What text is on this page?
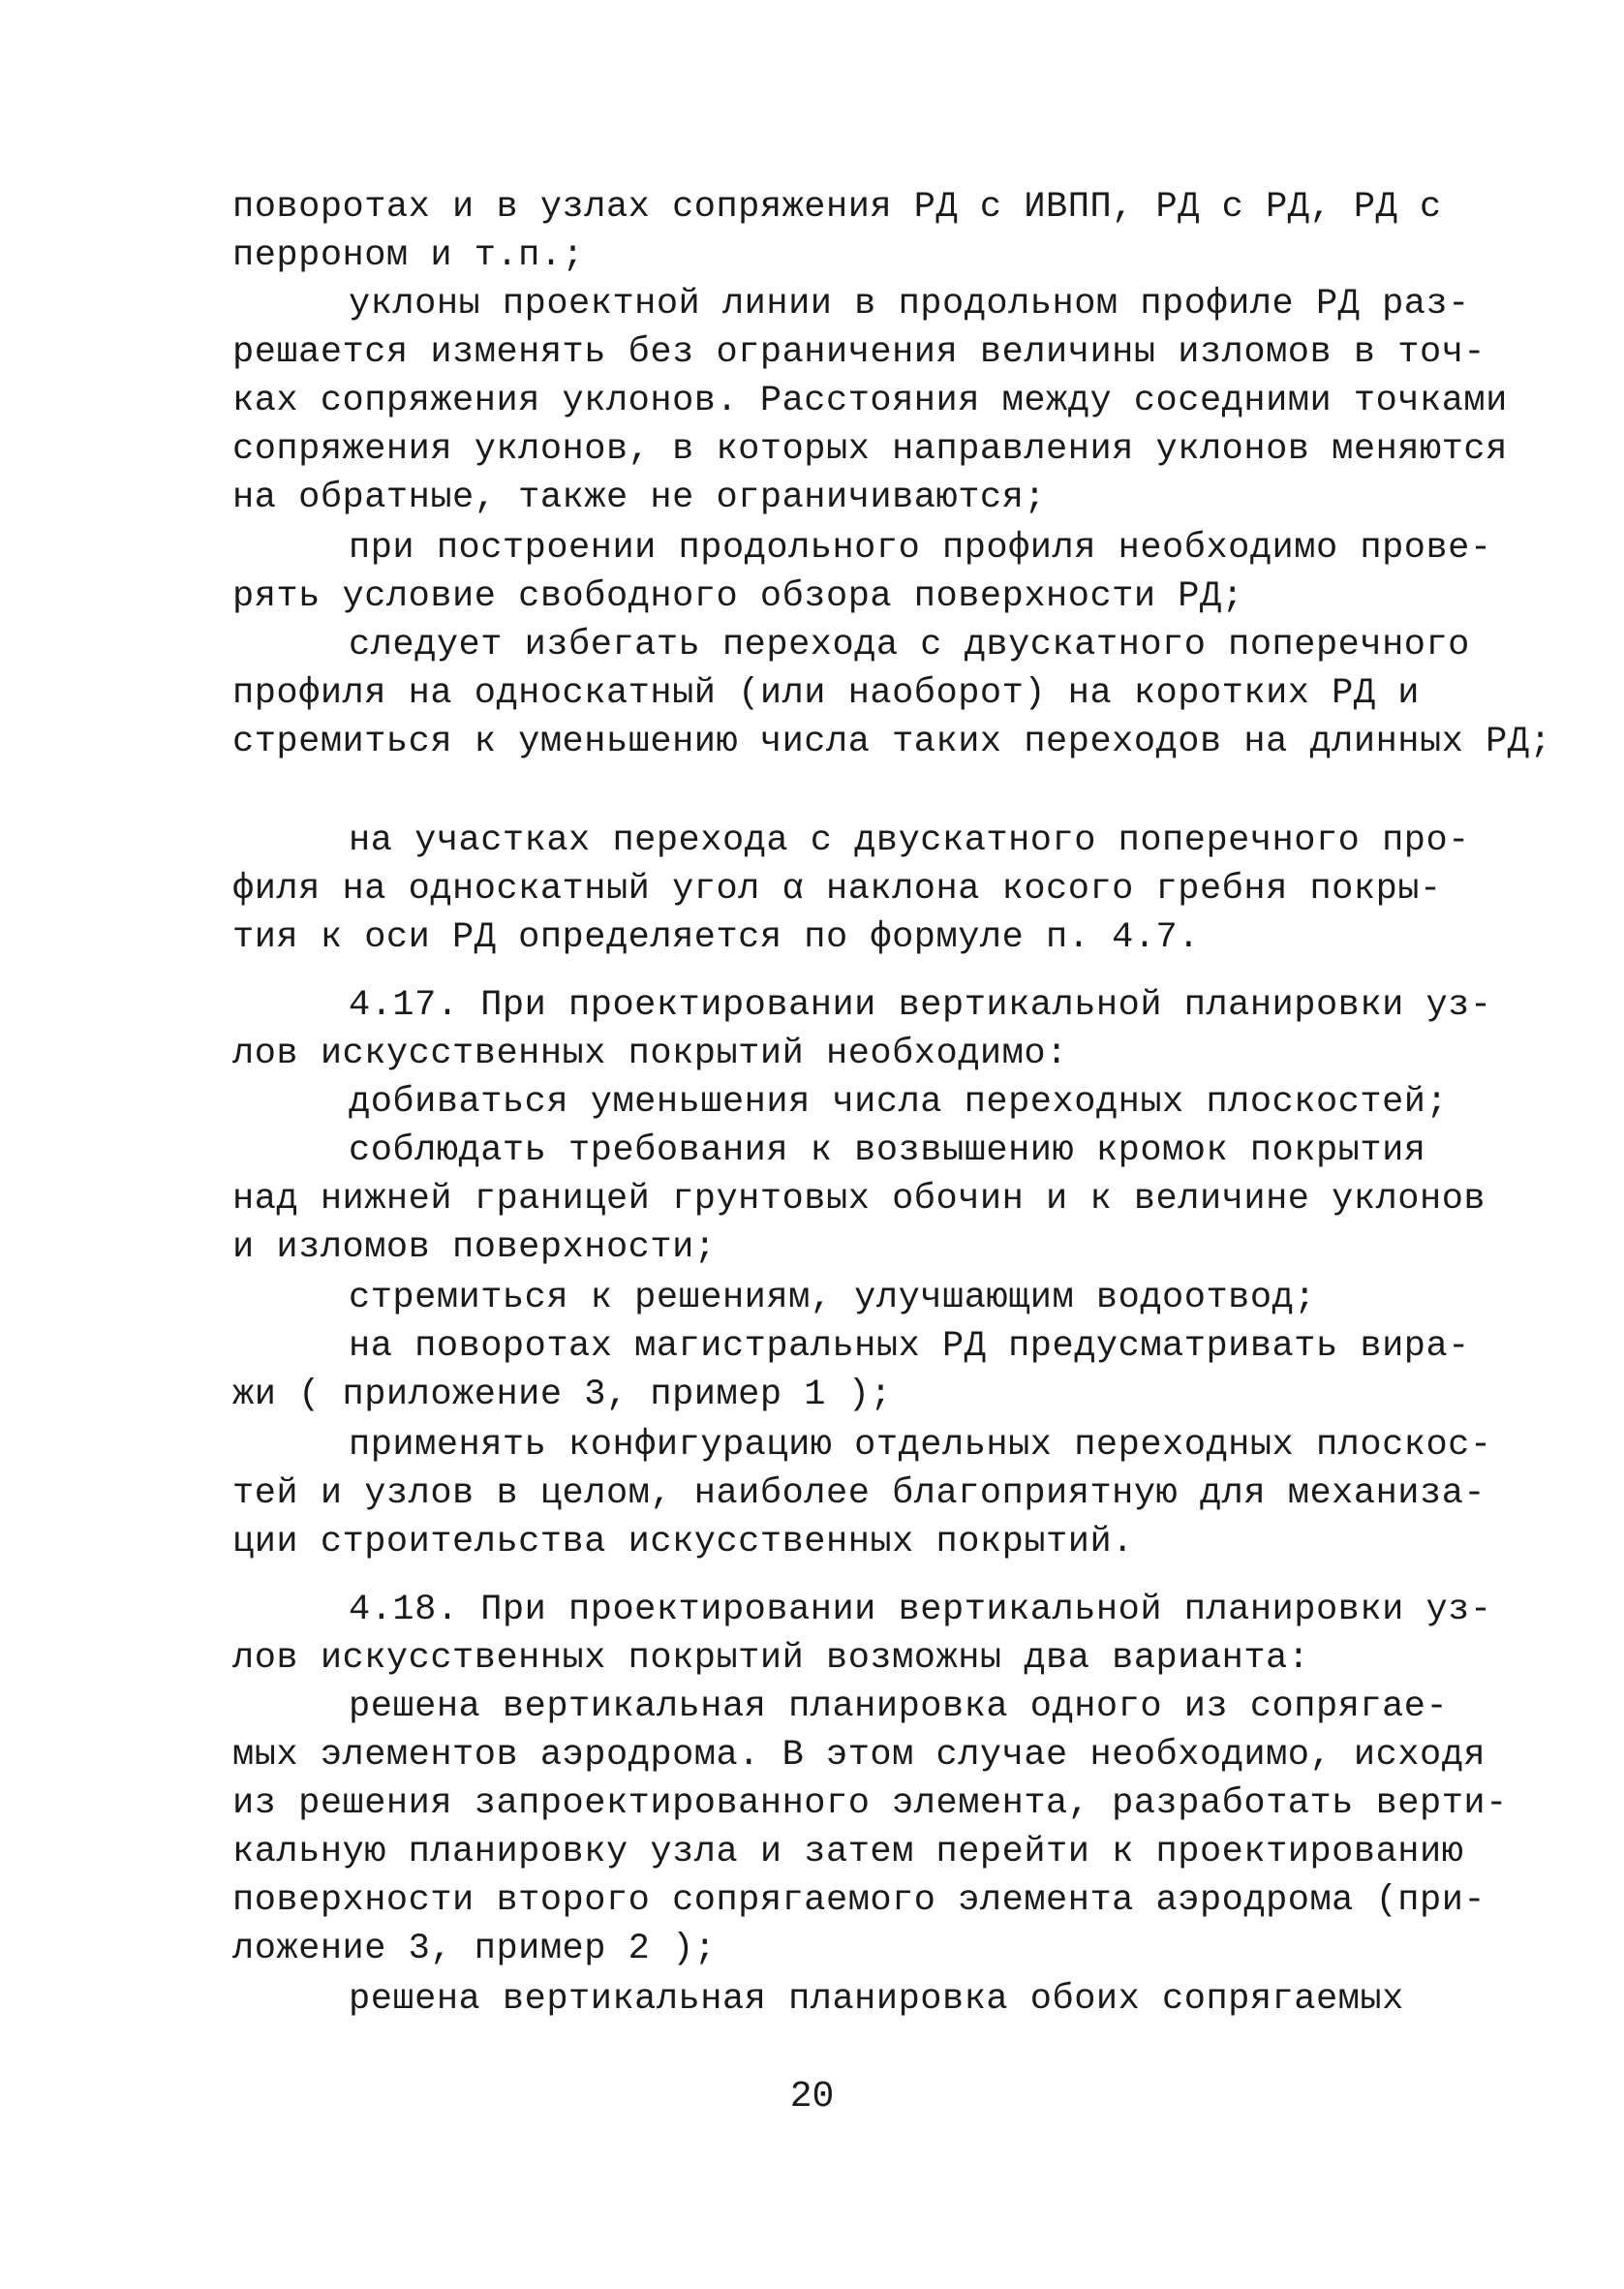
поворотах и в узлах сопряжения РД с ИВПП, РД с РД, РД с
перроном и т.п.;
уклоны проектной линии в продольном профиле РД раз-
решается изменять без ограничения величины изломов в точ-
ках сопряжения уклонов. Расстояния между соседними точками
сопряжения уклонов, в которых направления уклонов меняются
на обратные, также не ограничиваются;
при построении продольного профиля необходимо прове-
рять условие свободного обзора поверхности РД;
следует избегать перехода с двускатного поперечного
профиля на односкатный (или наоборот) на коротких РД и
стремиться к уменьшению числа таких переходов на длинных РД;
на участках перехода с двускатного поперечного про-
филя на односкатный угол α наклона косого гребня покры-
тия к оси РД определяется по формуле п. 4.7.
4.17. При проектировании вертикальной планировки уз-
лов искусственных покрытий необходимо:
добиваться уменьшения числа переходных плоскостей;
соблюдать требования к возвышению кромок покрытия
над нижней границей грунтовых обочин и к величине уклонов
и изломов поверхности;
стремиться к решениям, улучшающим водоотвод;
на поворотах магистральных РД предусматривать вира-
жи ( приложение 3, пример 1 );
применять конфигурацию отдельных переходных плоскос-
тей и узлов в целом, наиболее благоприятную для механиза-
ции строительства искусственных покрытий.
4.18. При проектировании вертикальной планировки уз-
лов искусственных покрытий возможны два варианта:
решена вертикальная планировка одного из сопрягае-
мых элементов аэродрома. В этом случае необходимо, исходя
из решения запроектированного элемента, разработать верти-
кальную планировку узла и затем перейти к проектированию
поверхности второго сопрягаемого элемента аэродрома (при-
ложение 3, пример 2 );
решена вертикальная планировка обоих сопрягаемых
20
